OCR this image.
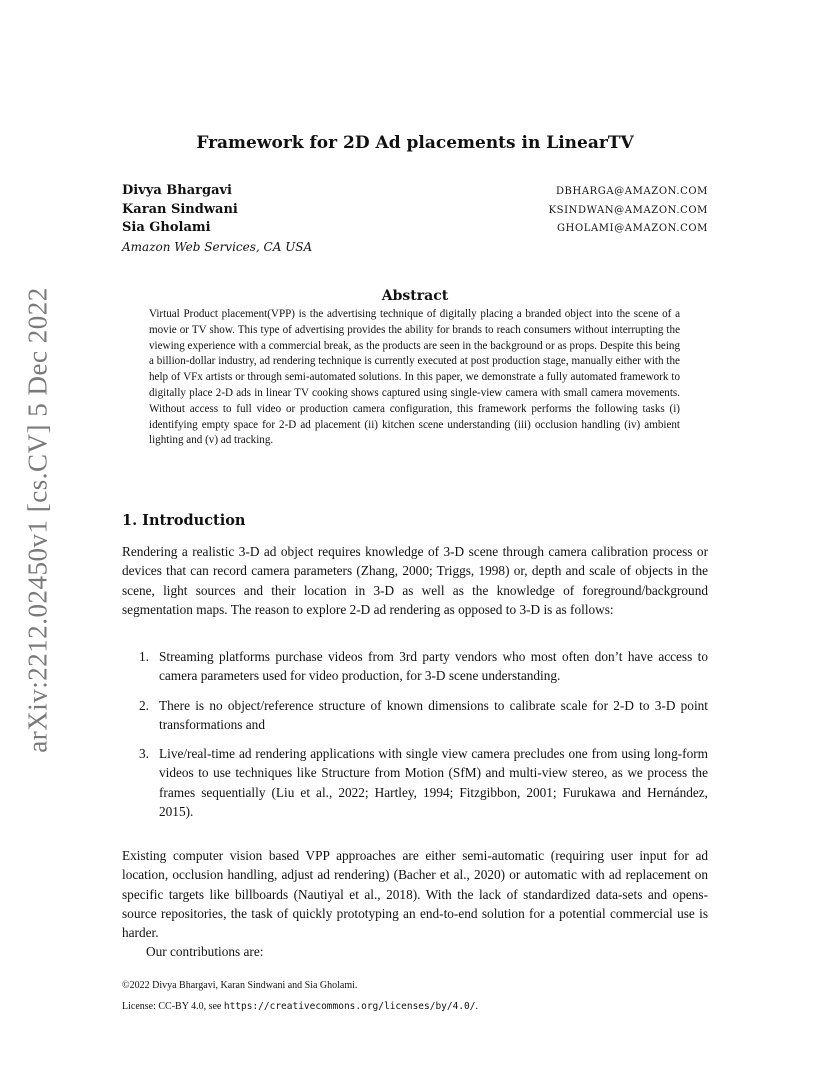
arXiv:2212.02450v1 [cs.CV] 5 Dec 2022
Framework for 2D Ad placements in LinearTV
Divya Bhargavi	DBHARGA@AMAZON.COM
Karan Sindwani	KSINDWAN@AMAZON.COM
Sia Gholami	GHOLAMI@AMAZON.COM
Amazon Web Services, CA USA
Abstract
Virtual Product placement(VPP) is the advertising technique of digitally placing a branded object into the scene of a movie or TV show. This type of advertising provides the ability for brands to reach consumers without interrupting the viewing experience with a commercial break, as the products are seen in the background or as props. Despite this being a billion-dollar industry, ad rendering technique is currently executed at post production stage, manually either with the help of VFx artists or through semi-automated solutions. In this paper, we demonstrate a fully automated framework to digitally place 2-D ads in linear TV cooking shows captured using single-view camera with small camera movements. Without access to full video or production camera configuration, this framework performs the following tasks (i) identifying empty space for 2-D ad placement (ii) kitchen scene understanding (iii) occlusion handling (iv) ambient lighting and (v) ad tracking.
1. Introduction
Rendering a realistic 3-D ad object requires knowledge of 3-D scene through camera calibration process or devices that can record camera parameters (Zhang, 2000; Triggs, 1998) or, depth and scale of objects in the scene, light sources and their location in 3-D as well as the knowledge of foreground/background segmentation maps. The reason to explore 2-D ad rendering as opposed to 3-D is as follows:
1. Streaming platforms purchase videos from 3rd party vendors who most often don’t have access to camera parameters used for video production, for 3-D scene understanding.
2. There is no object/reference structure of known dimensions to calibrate scale for 2-D to 3-D point transformations and
3. Live/real-time ad rendering applications with single view camera precludes one from using long-form videos to use techniques like Structure from Motion (SfM) and multi-view stereo, as we process the frames sequentially (Liu et al., 2022; Hartley, 1994; Fitzgibbon, 2001; Furukawa and Hernández, 2015).
Existing computer vision based VPP approaches are either semi-automatic (requiring user input for ad location, occlusion handling, adjust ad rendering) (Bacher et al., 2020) or automatic with ad replacement on specific targets like billboards (Nautiyal et al., 2018). With the lack of standardized data-sets and opens-source repositories, the task of quickly prototyping an end-to-end solution for a potential commercial use is harder.
Our contributions are:
©2022 Divya Bhargavi, Karan Sindwani and Sia Gholami.
License: CC-BY 4.0, see https://creativecommons.org/licenses/by/4.0/.
